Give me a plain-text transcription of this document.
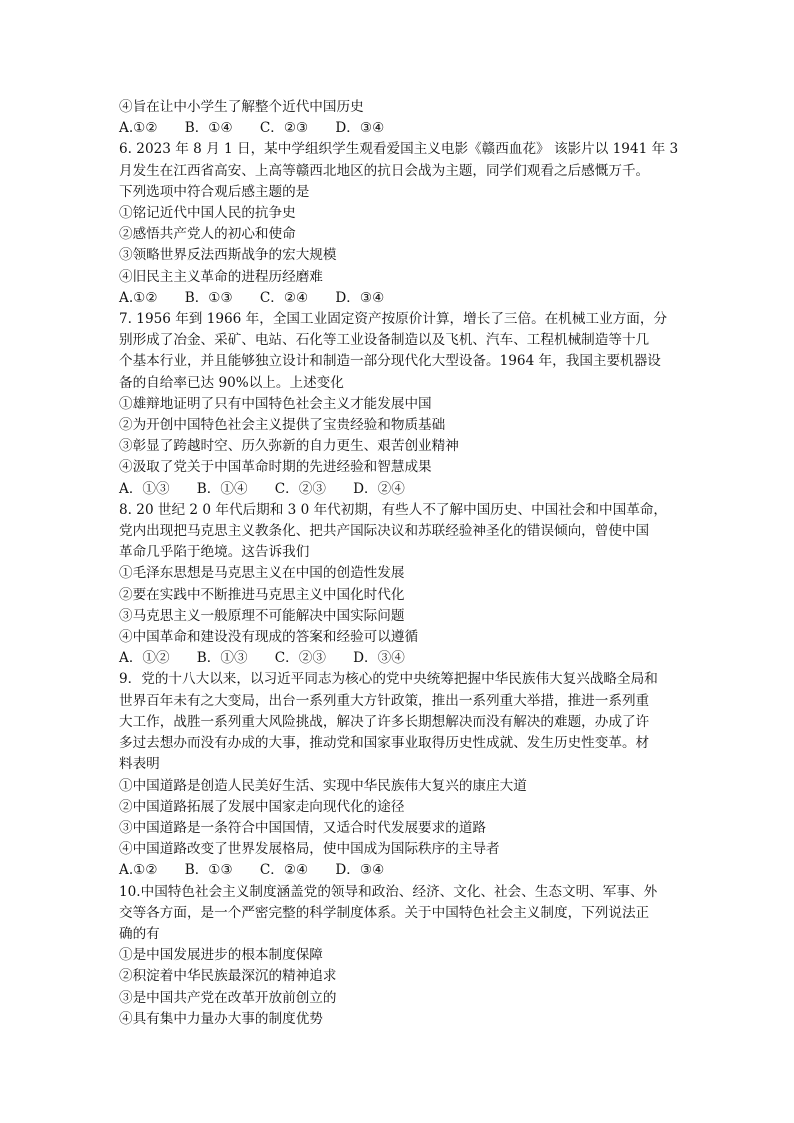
④旨在让中小学生了解整个近代中国历史
A.①②　　B．①④　　C．②③　　D．③④
6. 2023 年 8 月 1 日，某中学组织学生观看爱国主义电影《赣西血花》 该影片以 1941 年 3
月发生在江西省高安、上高等赣西北地区的抗日会战为主题，同学们观看之后感慨万千。
下列选项中符合观后感主题的是
①铭记近代中国人民的抗争史
②感悟共产党人的初心和使命
③领略世界反法西斯战争的宏大规模
④旧民主主义革命的进程历经磨难
A.①②　　B．①③　　C．②④　　D．③④
7. 1956 年到 1966 年，全国工业固定资产按原价计算，增长了三倍。在机械工业方面，分
别形成了冶金、采矿、电站、石化等工业设备制造以及飞机、汽车、工程机械制造等十几
个基本行业，并且能够独立设计和制造一部分现代化大型设备。1964 年，我国主要机器设
备的自给率已达 90%以上。上述变化
①雄辩地证明了只有中国特色社会主义才能发展中国
②为开创中国特色社会主义提供了宝贵经验和物质基础
③彰显了跨越时空、历久弥新的自力更生、艰苦创业精神
④汲取了党关于中国革命时期的先进经验和智慧成果
A．①③　　B．①④　　C．②③　　D．②④
8. 20 世纪 2 0 年代后期和 3 0 年代初期，有些人不了解中国历史、中国社会和中国革命，
党内出现把马克思主义教条化、把共产国际决议和苏联经验神圣化的错误倾向，曾使中国
革命几乎陷于绝境。这告诉我们
①毛泽东思想是马克思主义在中国的创造性发展
②要在实践中不断推进马克思主义中国化时代化
③马克思主义一般原理不可能解决中国实际问题
④中国革命和建设没有现成的答案和经验可以遵循
A．①②　　B．①③　　C．②③　　D．③④
9．党的十八大以来，以习近平同志为核心的党中央统筹把握中华民族伟大复兴战略全局和
世界百年未有之大变局，出台一系列重大方针政策，推出一系列重大举措，推进一系列重
大工作，战胜一系列重大风险挑战，解决了许多长期想解决而没有解决的难题，办成了许
多过去想办而没有办成的大事，推动党和国家事业取得历史性成就、发生历史性变革。材
料表明
①中国道路是创造人民美好生活、实现中华民族伟大复兴的康庄大道
②中国道路拓展了发展中国家走向现代化的途径
③中国道路是一条符合中国国情，又适合时代发展要求的道路
④中国道路改变了世界发展格局，使中国成为国际秩序的主导者
A.①②　　B．①③　　C．②④　　D．③④
10.中国特色社会主义制度涵盖党的领导和政治、经济、文化、社会、生态文明、军事、外
交等各方面，是一个严密完整的科学制度体系。关于中国特色社会主义制度，下列说法正
确的有
①是中国发展进步的根本制度保障
②积淀着中华民族最深沉的精神追求
③是中国共产党在改革开放前创立的
④具有集中力量办大事的制度优势
